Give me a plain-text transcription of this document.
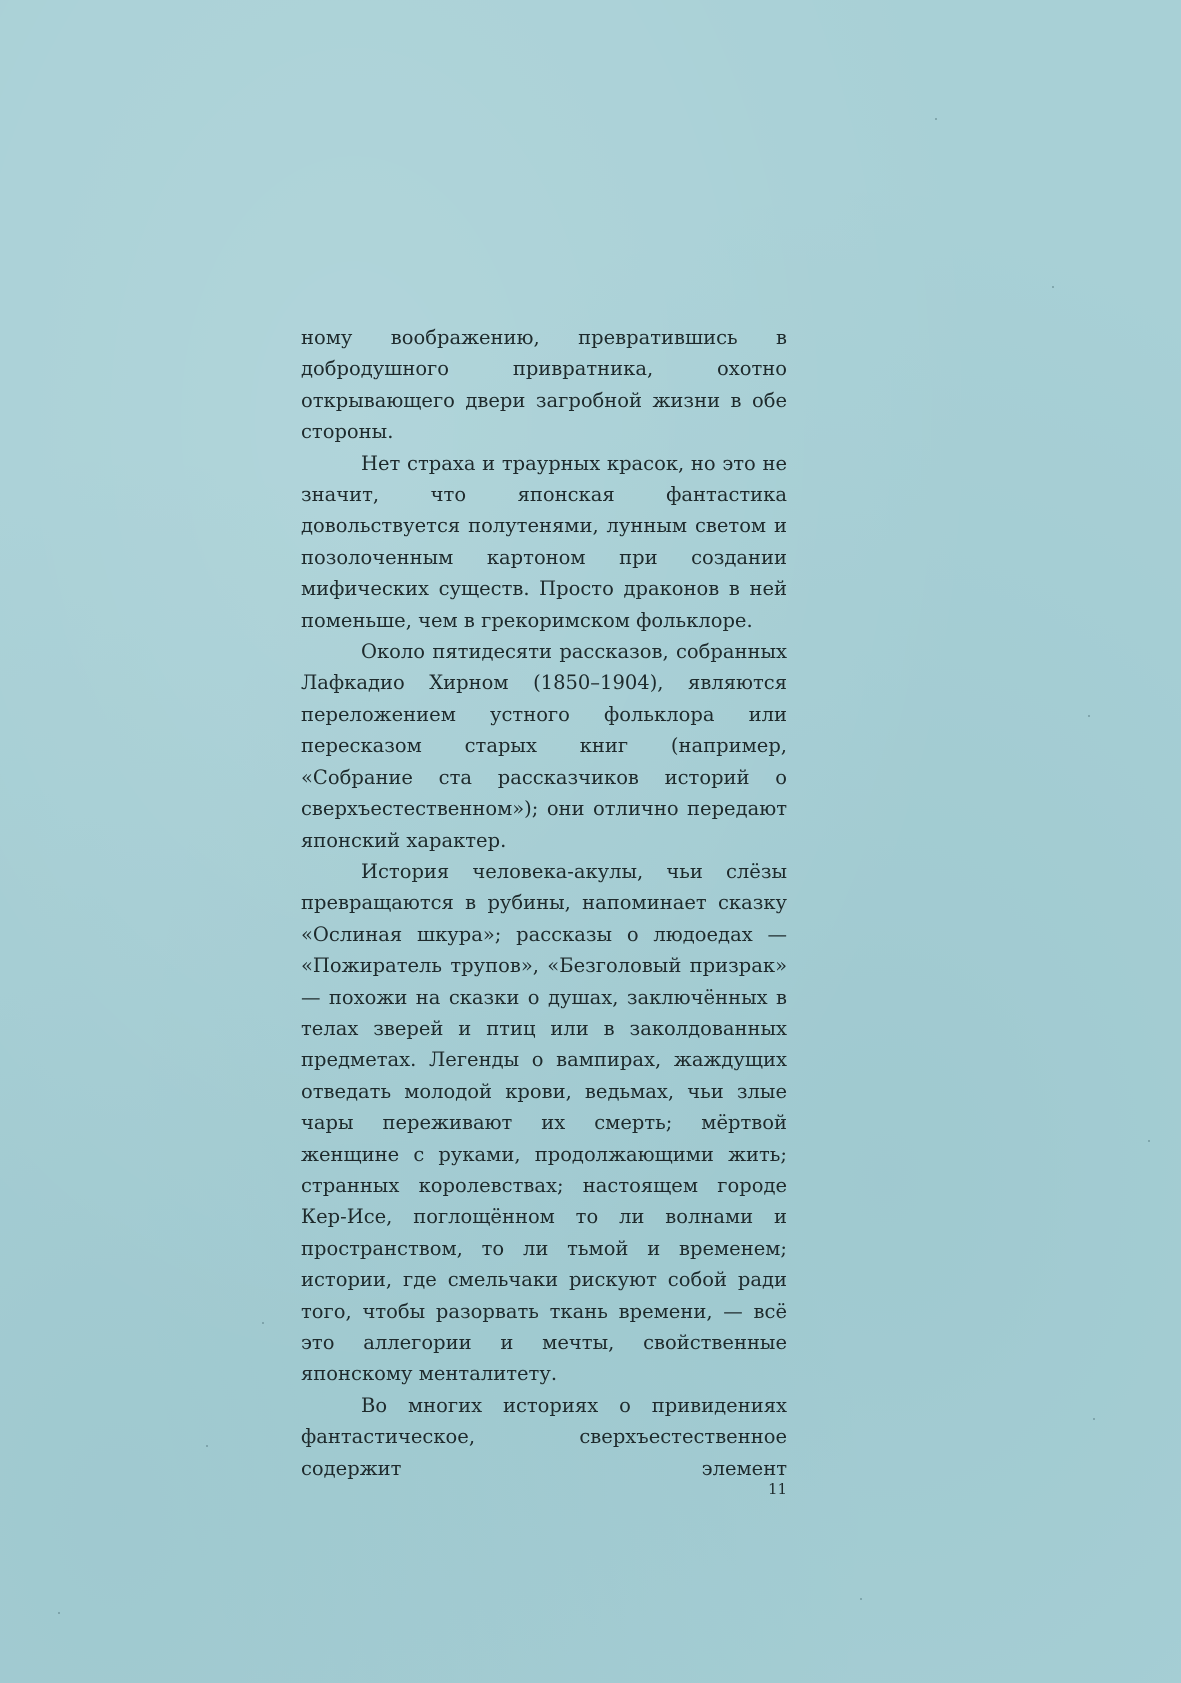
ному воображению, превратившись в добродушного привратника, охотно открывающего двери загробной жизни в обе стороны.

Нет страха и траурных красок, но это не значит, что японская фантастика довольствуется полутенями, лунным светом и позолоченным картоном при создании мифических существ. Просто драконов в ней поменьше, чем в грекоримском фольклоре.

Около пятидесяти рассказов, собранных Лафкадио Хирном (1850–1904), являются переложением устного фольклора или пересказом старых книг (например, «Собрание ста рассказчиков историй о сверхъестественном»); они отлично передают японский характер.

История человека-акулы, чьи слёзы превращаются в рубины, напоминает сказку «Ослиная шкура»; рассказы о людоедах — «Пожиратель трупов», «Безголовый призрак» — похожи на сказки о душах, заключённых в телах зверей и птиц или в заколдованных предметах. Легенды о вампирах, жаждущих отведать молодой крови, ведьмах, чьи злые чары переживают их смерть; мёртвой женщине с руками, продолжающими жить; странных королевствах; настоящем городе Кер-Исе, поглощённом то ли волнами и пространством, то ли тьмой и временем; истории, где смельчаки рискуют собой ради того, чтобы разорвать ткань времени, — всё это аллегории и мечты, свойственные японскому менталитету.

Во многих историях о привидениях фантастическое, сверхъестественное содержит элемент

11
